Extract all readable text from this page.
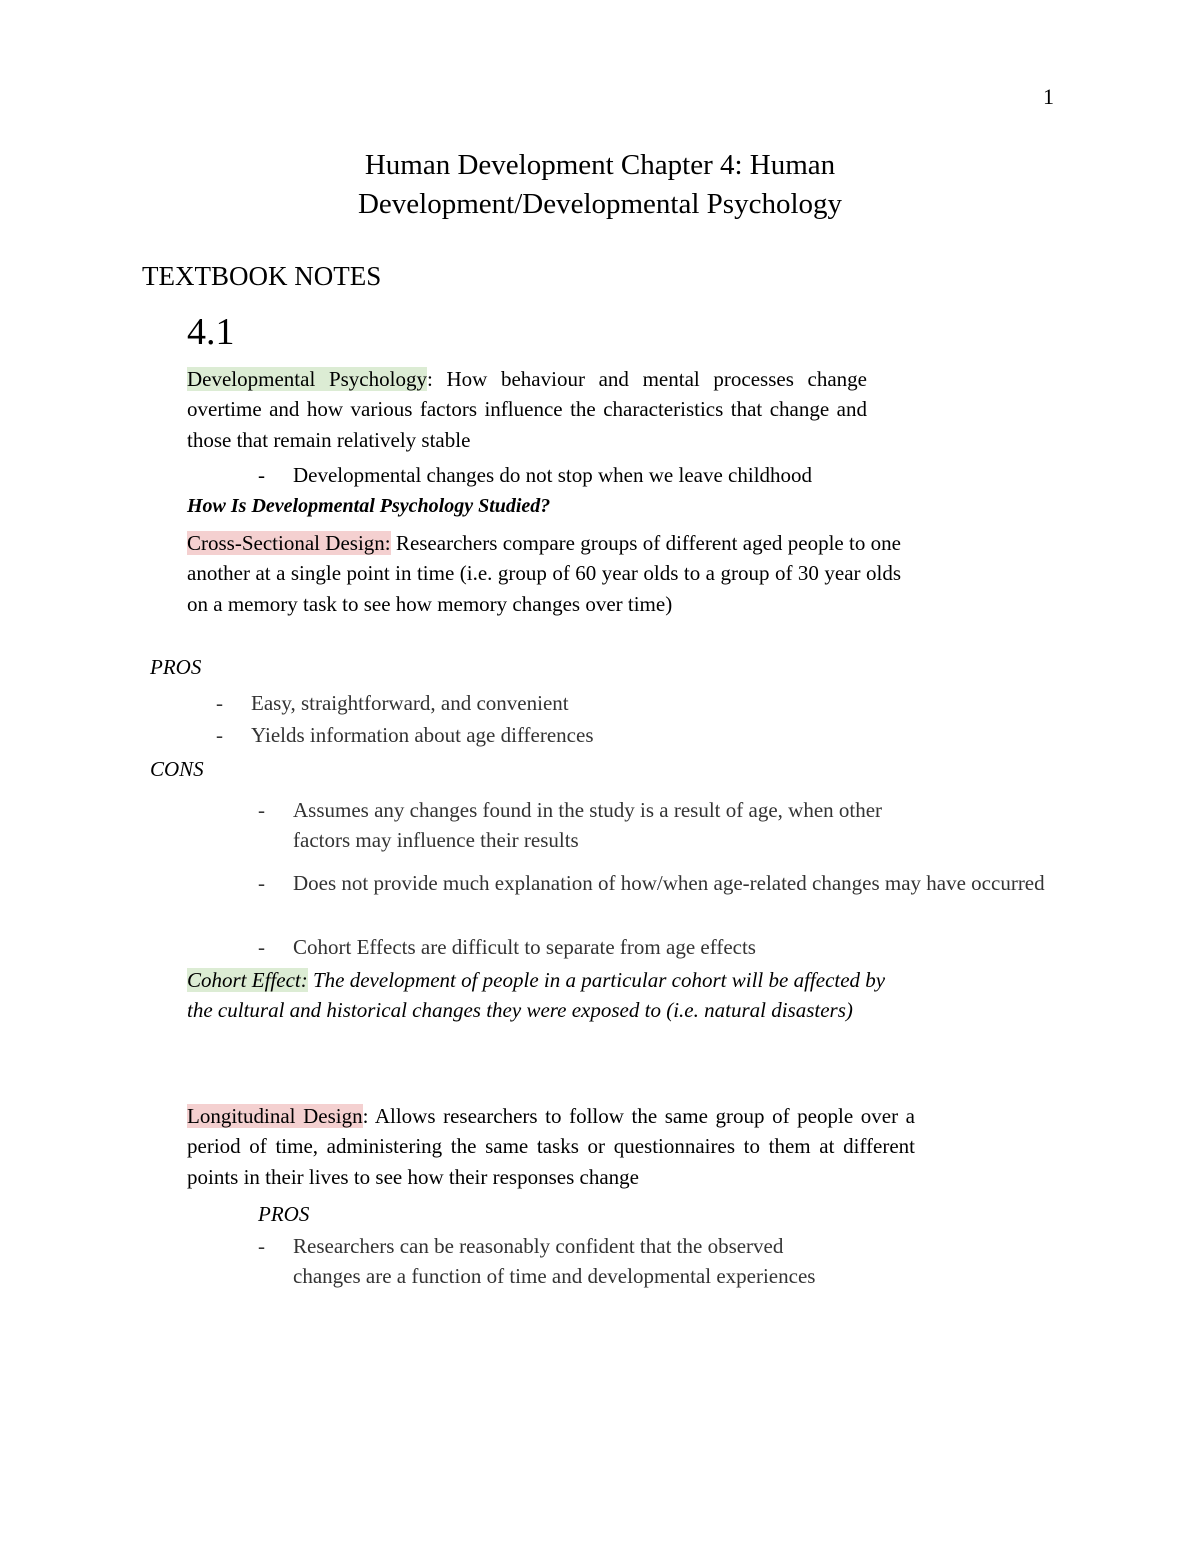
1
Human Development Chapter 4: Human
Development/Developmental Psychology
TEXTBOOK NOTES
4.1

Developmental Psychology: How behaviour and mental processes change overtime and how various factors influence the characteristics that change and those that remain relatively stable

- Developmental changes do not stop when we leave childhood
How Is Developmental Psychology Studied?

Cross-Sectional Design: Researchers compare groups of different aged people to one another at a single point in time (i.e. group of 60 year olds to a group of 30 year olds on a memory task to see how memory changes over time)

PROS
- Easy, straightforward, and convenient
- Yields information about age differences
CONS
- Assumes any changes found in the study is a result of age, when other factors may influence their results
- Does not provide much explanation of how/when age-related changes may have occurred
- Cohort Effects are difficult to separate from age effects

Cohort Effect: The development of people in a particular cohort will be affected by the cultural and historical changes they were exposed to (i.e. natural disasters)

Longitudinal Design: Allows researchers to follow the same group of people over a period of time, administering the same tasks or questionnaires to them at different points in their lives to see how their responses change

PROS
- Researchers can be reasonably confident that the observed changes are a function of time and developmental experiences
